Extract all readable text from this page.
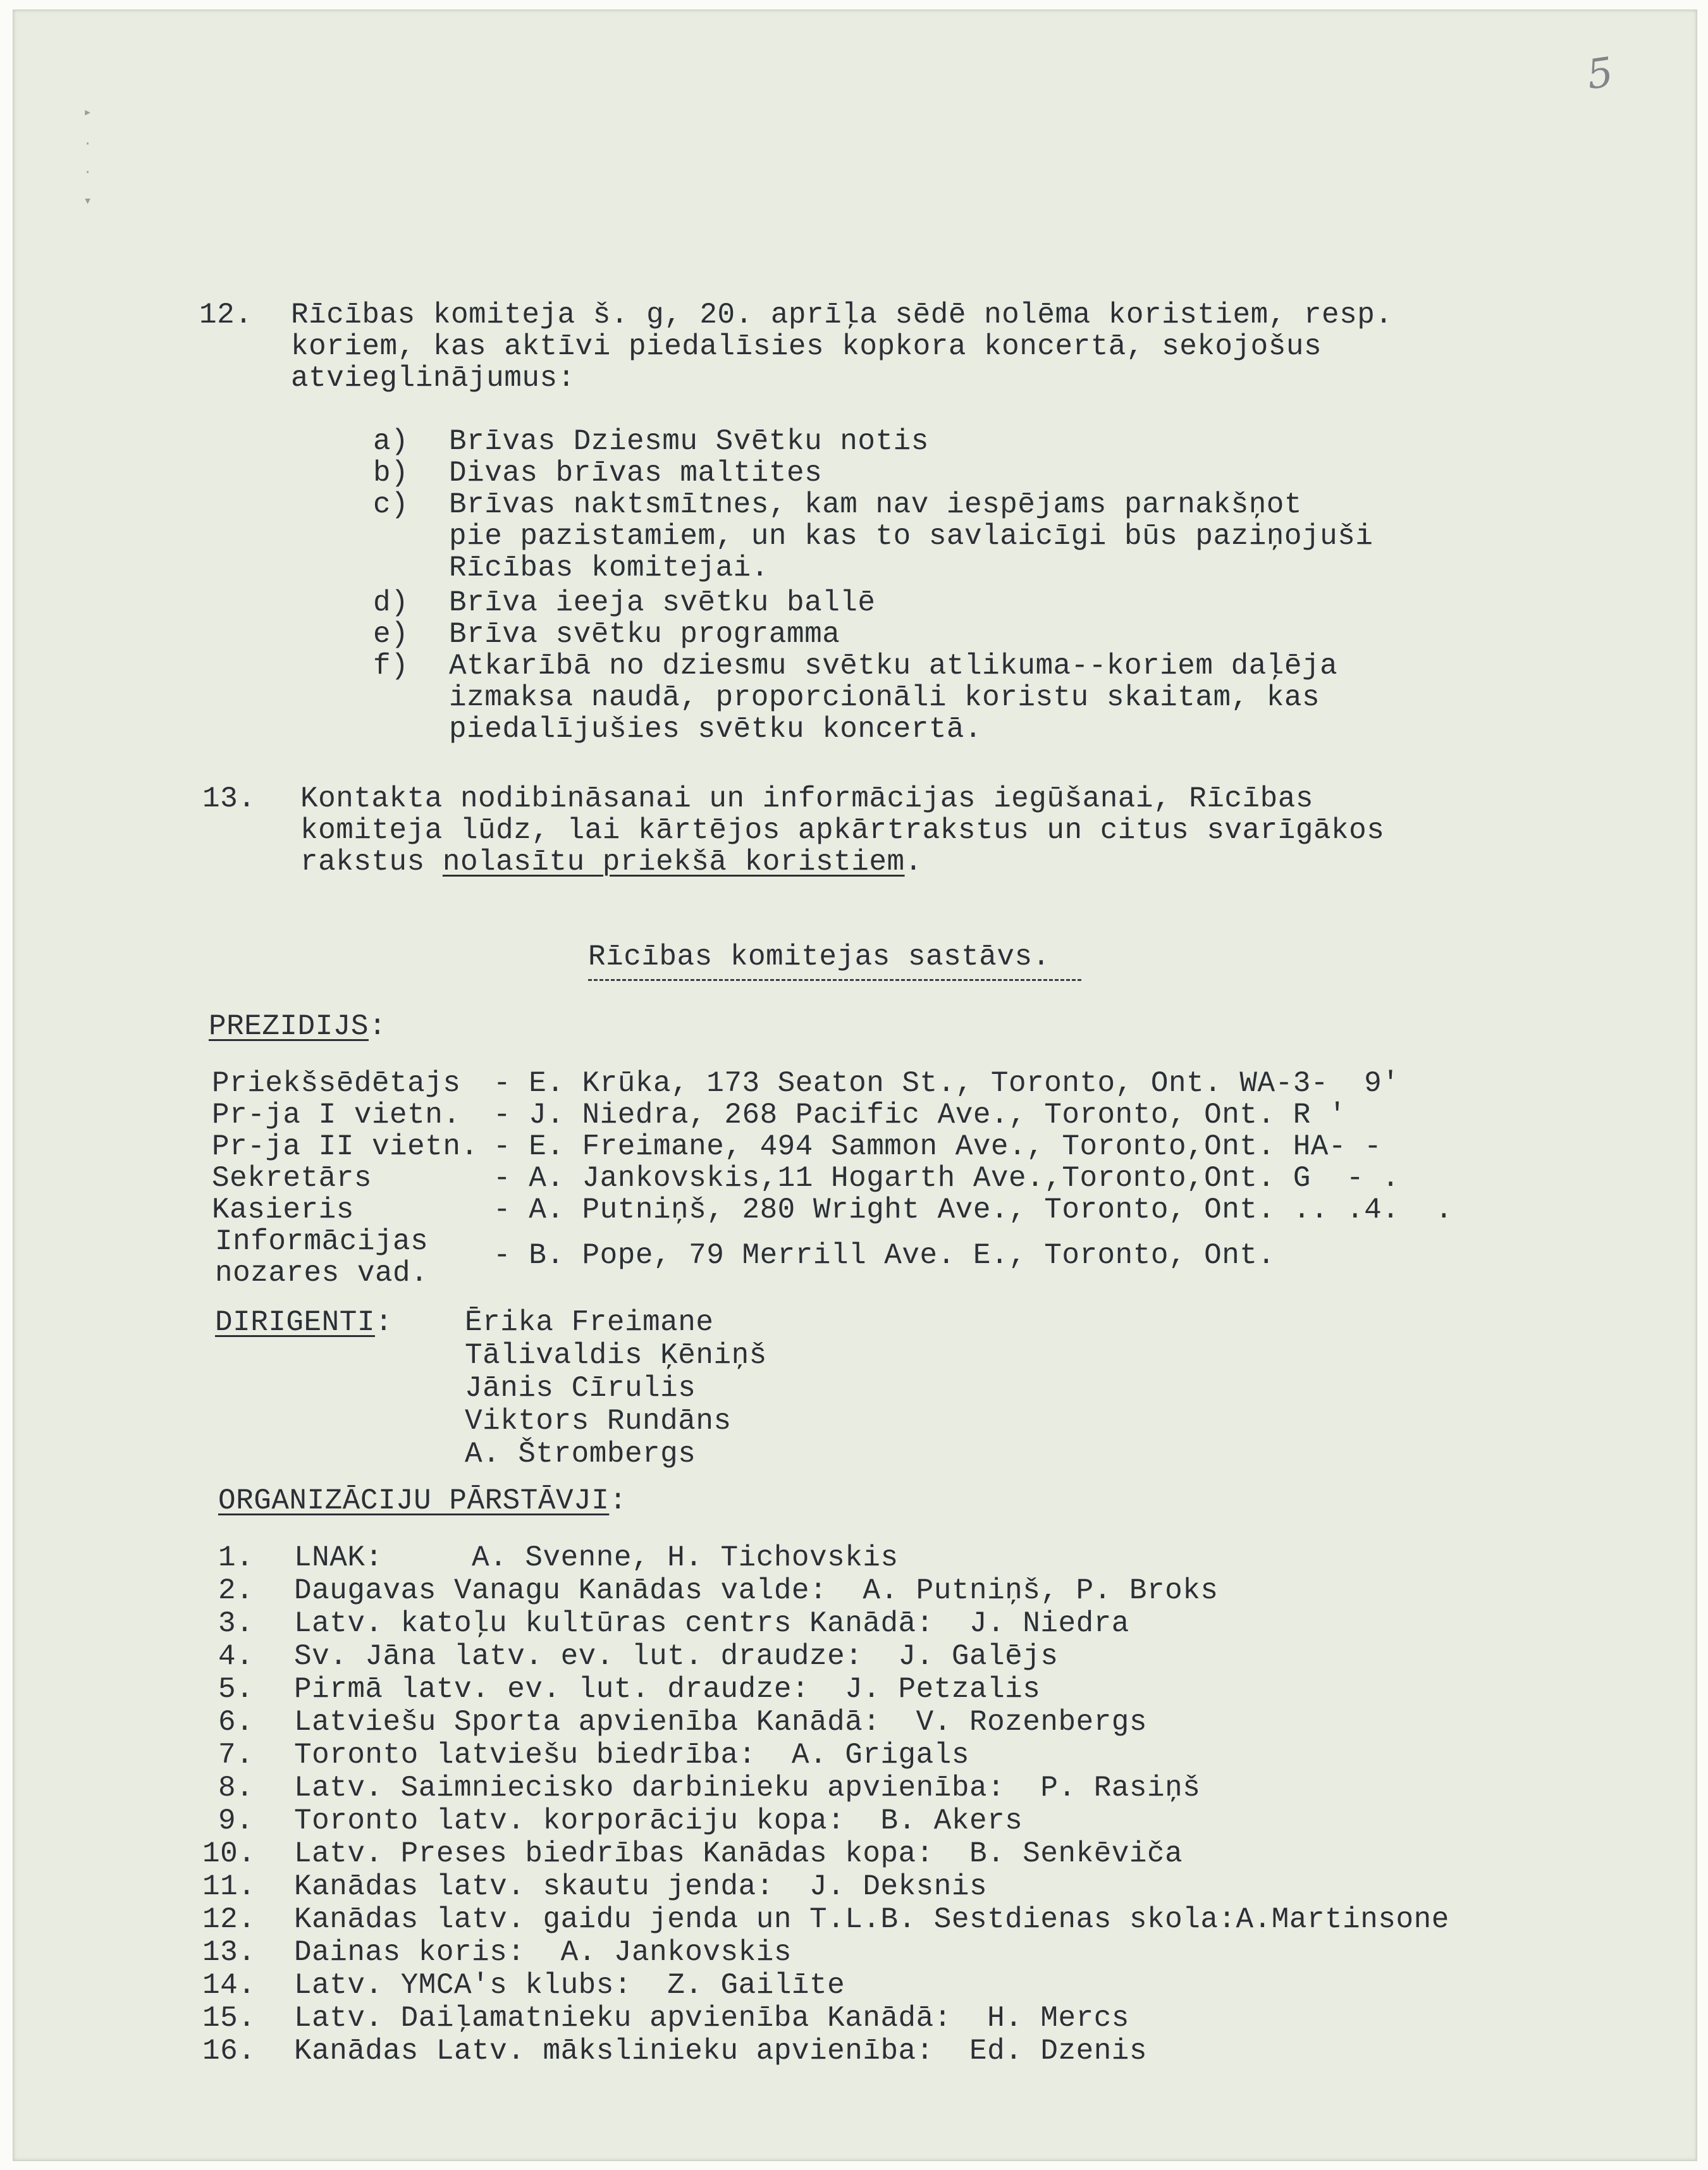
5
▸
·
·
▾
12. Rīcības komiteja š. g, 20. aprīļa sēdē nolēma koristiem, resp.
koriem, kas aktīvi piedalīsies kopkora koncertā, sekojošus
atvieglinājumus:
a) Brīvas Dziesmu Svētku notis
b) Divas brīvas maltites
c) Brīvas naktsmītnes, kam nav iespējams parnakšņot
pie pazistamiem, un kas to savlaicīgi būs paziņojuši
Rīcības komitejai.
d) Brīva ieeja svētku ballē
e) Brīva svētku programma
f) Atkarībā no dziesmu svētku atlikuma--koriem daļēja
izmaksa naudā, proporcionāli koristu skaitam, kas
piedalījušies svētku koncertā.
13. Kontakta nodibināsanai un informācijas iegūšanai, Rīcības
komiteja lūdz, lai kārtējos apkārtrakstus un citus svarīgākos
rakstus nolasītu priekšā koristiem.
Rīcības komitejas sastāvs.
PREZIDIJS:
Priekšsēdētajs - E. Krūka, 173 Seaton St., Toronto, Ont. WA-3-  9'
Pr-ja I vietn. - J. Niedra, 268 Pacific Ave., Toronto, Ont. R '
Pr-ja II vietn. - E. Freimane, 494 Sammon Ave., Toronto,Ont. HA- -
Sekretārs	- A. Jankovskis,11 Hogarth Ave.,Toronto,Ont. G  - .
Kasieris	- A. Putniņš, 280 Wright Ave., Toronto, Ont. .. .4.  .
Informācijas
nozares vad.
- B. Pope, 79 Merrill Ave. E., Toronto, Ont.
DIRIGENTI: Ērika Freimane
Tālivaldis Ķēniņš
Jānis Cīrulis
Viktors Rundāns
A. Štrombergs
ORGANIZĀCIJU PĀRSTĀVJI:
1. LNAK:     A. Svenne, H. Tichovskis
2. Daugavas Vanagu Kanādas valde:  A. Putniņš, P. Broks
3. Latv. katoļu kultūras centrs Kanādā:  J. Niedra
4. Sv. Jāna latv. ev. lut. draudze:  J. Galējs
5. Pirmā latv. ev. lut. draudze:  J. Petzalis
6. Latviešu Sporta apvienība Kanādā:  V. Rozenbergs
7. Toronto latviešu biedrība:  A. Grigals
8. Latv. Saimnieciskо darbinieku apvienība:  P. Rasiņš
9. Toronto latv. korporāciju kopa:  B. Akers
10. Latv. Preses biedrības Kanādas kopa:  B. Senkēviča
11. Kanādas latv. skautu jenda:  J. Deksnis
12. Kanādas latv. gaidu jenda un T.L.B. Sestdienas skola:A.Martinsone
13. Dainas koris:  A. Jankovskis
14. Latv. YMCA's klubs:  Z. Gailīte
15. Latv. Daiļamatnieku apvienība Kanādā:  H. Mercs
16. Kanādas Latv. mākslinieku apvienība:  Ed. Dzenis
